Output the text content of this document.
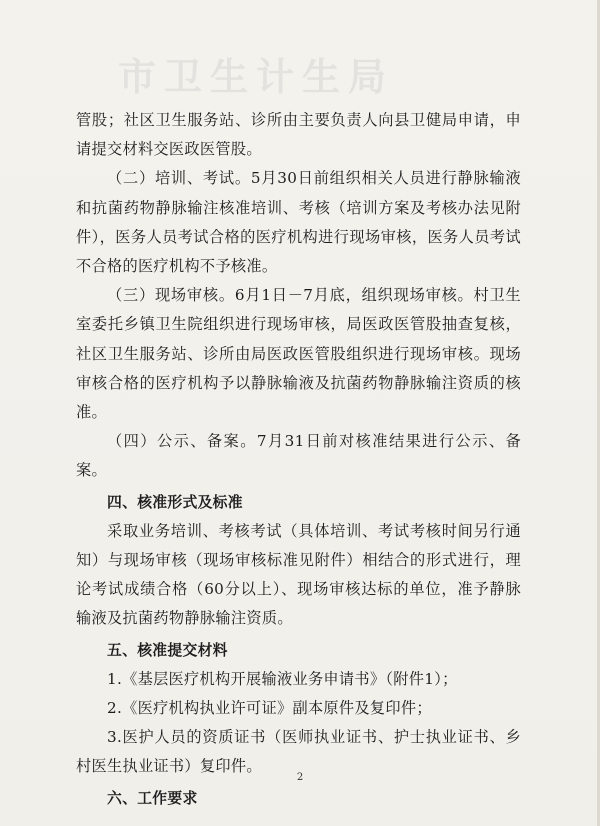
市卫生计生局

管股；社区卫生服务站、诊所由主要负责人向县卫健局申请，申请提交材料交医政医管股。

（二）培训、考试。5月30日前组织相关人员进行静脉输液和抗菌药物静脉输注核准培训、考核（培训方案及考核办法见附件），医务人员考试合格的医疗机构进行现场审核，医务人员考试不合格的医疗机构不予核准。

（三）现场审核。6月1日－7月底，组织现场审核。村卫生室委托乡镇卫生院组织进行现场审核，局医政医管股抽查复核，社区卫生服务站、诊所由局医政医管股组织进行现场审核。现场审核合格的医疗机构予以静脉输液及抗菌药物静脉输注资质的核准。

（四）公示、备案。7月31日前对核准结果进行公示、备案。

四、核准形式及标准

采取业务培训、考核考试（具体培训、考试考核时间另行通知）与现场审核（现场审核标准见附件）相结合的形式进行，理论考试成绩合格（60分以上）、现场审核达标的单位，准予静脉输液及抗菌药物静脉输注资质。

五、核准提交材料

1.《基层医疗机构开展输液业务申请书》（附件1）；

2.《医疗机构执业许可证》副本原件及复印件；

3.医护人员的资质证书（医师执业证书、护士执业证书、乡村医生执业证书）复印件。

六、工作要求

2
